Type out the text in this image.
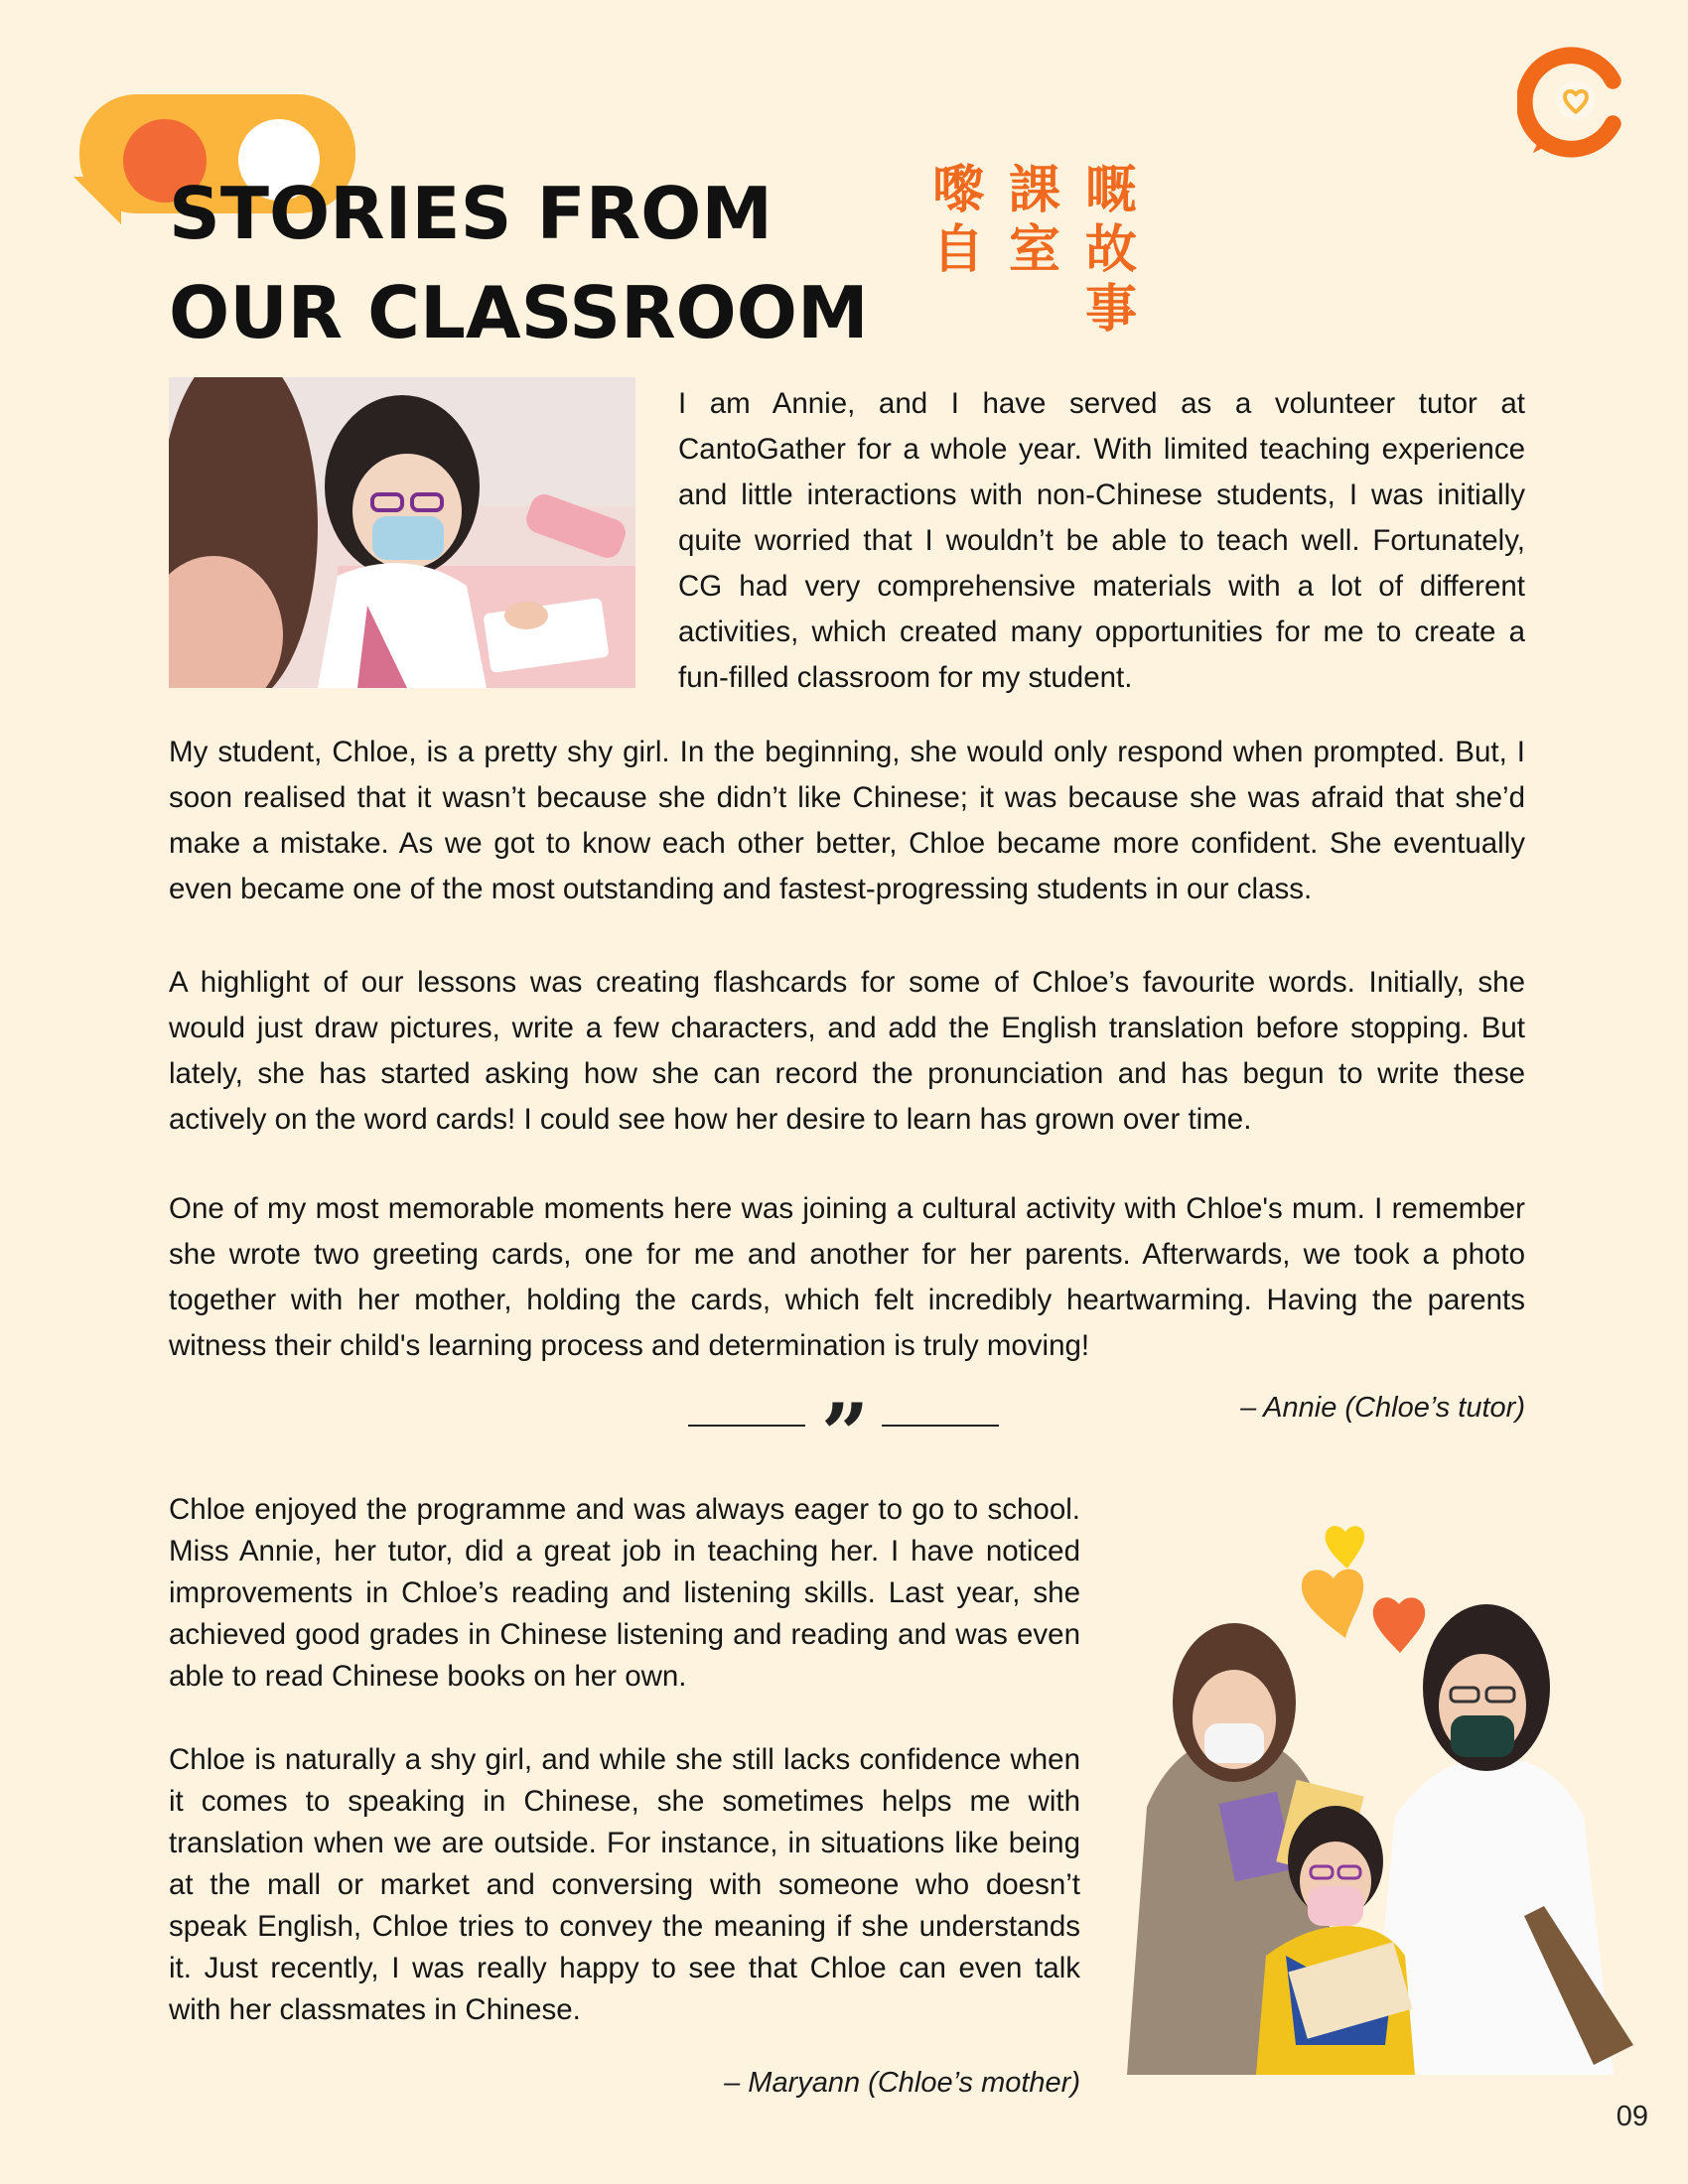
STORIES FROM OUR CLASSROOM
嘅
故
事
課
室
嚟
自

I am Annie, and I have served as a volunteer tutor at CantoGather for a whole year. With limited teaching experience and little interactions with non-Chinese students, I was initially quite worried that I wouldn’t be able to teach well. Fortunately, CG had very comprehensive materials with a lot of different activities, which created many opportunities for me to create a fun-filled classroom for my student.

My student, Chloe, is a pretty shy girl. In the beginning, she would only respond when prompted. But, I soon realised that it wasn’t because she didn’t like Chinese; it was because she was afraid that she’d make a mistake. As we got to know each other better, Chloe became more confident. She eventually even became one of the most outstanding and fastest-progressing students in our class.

A highlight of our lessons was creating flashcards for some of Chloe’s favourite words. Initially, she would just draw pictures, write a few characters, and add the English translation before stopping. But lately, she has started asking how she can record the pronunciation and has begun to write these actively on the word cards! I could see how her desire to learn has grown over time.

One of my most memorable moments here was joining a cultural activity with Chloe's mum. I remember she wrote two greeting cards, one for me and another for her parents. Afterwards, we took a photo together with her mother, holding the cards, which felt incredibly heartwarming. Having the parents witness their child's learning process and determination is truly moving!

– Annie (Chloe’s tutor)
”

Chloe enjoyed the programme and was always eager to go to school. Miss Annie, her tutor, did a great job in teaching her. I have noticed improvements in Chloe’s reading and listening skills. Last year, she achieved good grades in Chinese listening and reading and was even able to read Chinese books on her own.

Chloe is naturally a shy girl, and while she still lacks confidence when it comes to speaking in Chinese, she sometimes helps me with translation when we are outside. For instance, in situations like being at the mall or market and conversing with someone who doesn’t speak English, Chloe tries to convey the meaning if she understands it. Just recently, I was really happy to see that Chloe can even talk with her classmates in Chinese.

– Maryann (Chloe’s mother)
09
